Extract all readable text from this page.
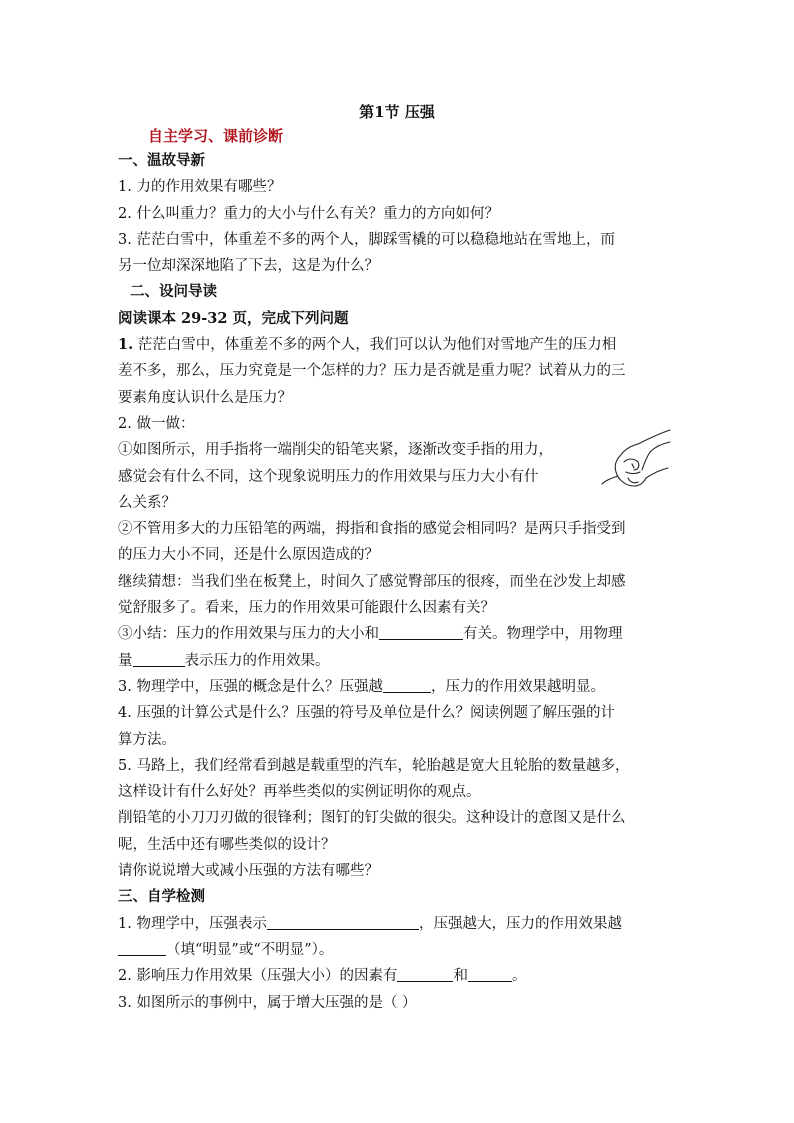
第1节 压强
自主学习、课前诊断
一、温故导新
1. 力的作用效果有哪些？
2. 什么叫重力？重力的大小与什么有关？重力的方向如何？
3. 茫茫白雪中，体重差不多的两个人，脚踩雪橇的可以稳稳地站在雪地上，而
另一位却深深地陷了下去，这是为什么？
二、设问导读
阅读课本 29-32 页，完成下列问题
1. 茫茫白雪中，体重差不多的两个人，我们可以认为他们对雪地产生的压力相
差不多，那么，压力究竟是一个怎样的力？压力是否就是重力呢？试着从力的三
要素角度认识什么是压力？
2. 做一做：
①如图所示，用手指将一端削尖的铅笔夹紧，逐渐改变手指的用力，
感觉会有什么不同，这个现象说明压力的作用效果与压力大小有什
么关系？
②不管用多大的力压铅笔的两端，拇指和食指的感觉会相同吗？是两只手指受到
的压力大小不同，还是什么原因造成的？
继续猜想：当我们坐在板凳上，时间久了感觉臀部压的很疼，而坐在沙发上却感
觉舒服多了。看来，压力的作用效果可能跟什么因素有关？
③小结：压力的作用效果与压力的大小和	有关。物理学中，用物理
量	表示压力的作用效果。
3. 物理学中，压强的概念是什么？压强越	，压力的作用效果越明显。
4. 压强的计算公式是什么？压强的符号及单位是什么？阅读例题了解压强的计
算方法。
5. 马路上，我们经常看到越是载重型的汽车，轮胎越是宽大且轮胎的数量越多，
这样设计有什么好处？再举些类似的实例证明你的观点。
削铅笔的小刀刀刃做的很锋利；图钉的钉尖做的很尖。这种设计的意图又是什么
呢，生活中还有哪些类似的设计？
请你说说增大或减小压强的方法有哪些？
三、自学检测
1. 物理学中，压强表示	，压强越大，压力的作用效果越
（填“明显”或“不明显”）。
2. 影响压力作用效果（压强大小）的因素有	和	。
3. 如图所示的事例中，属于增大压强的是（ ）
